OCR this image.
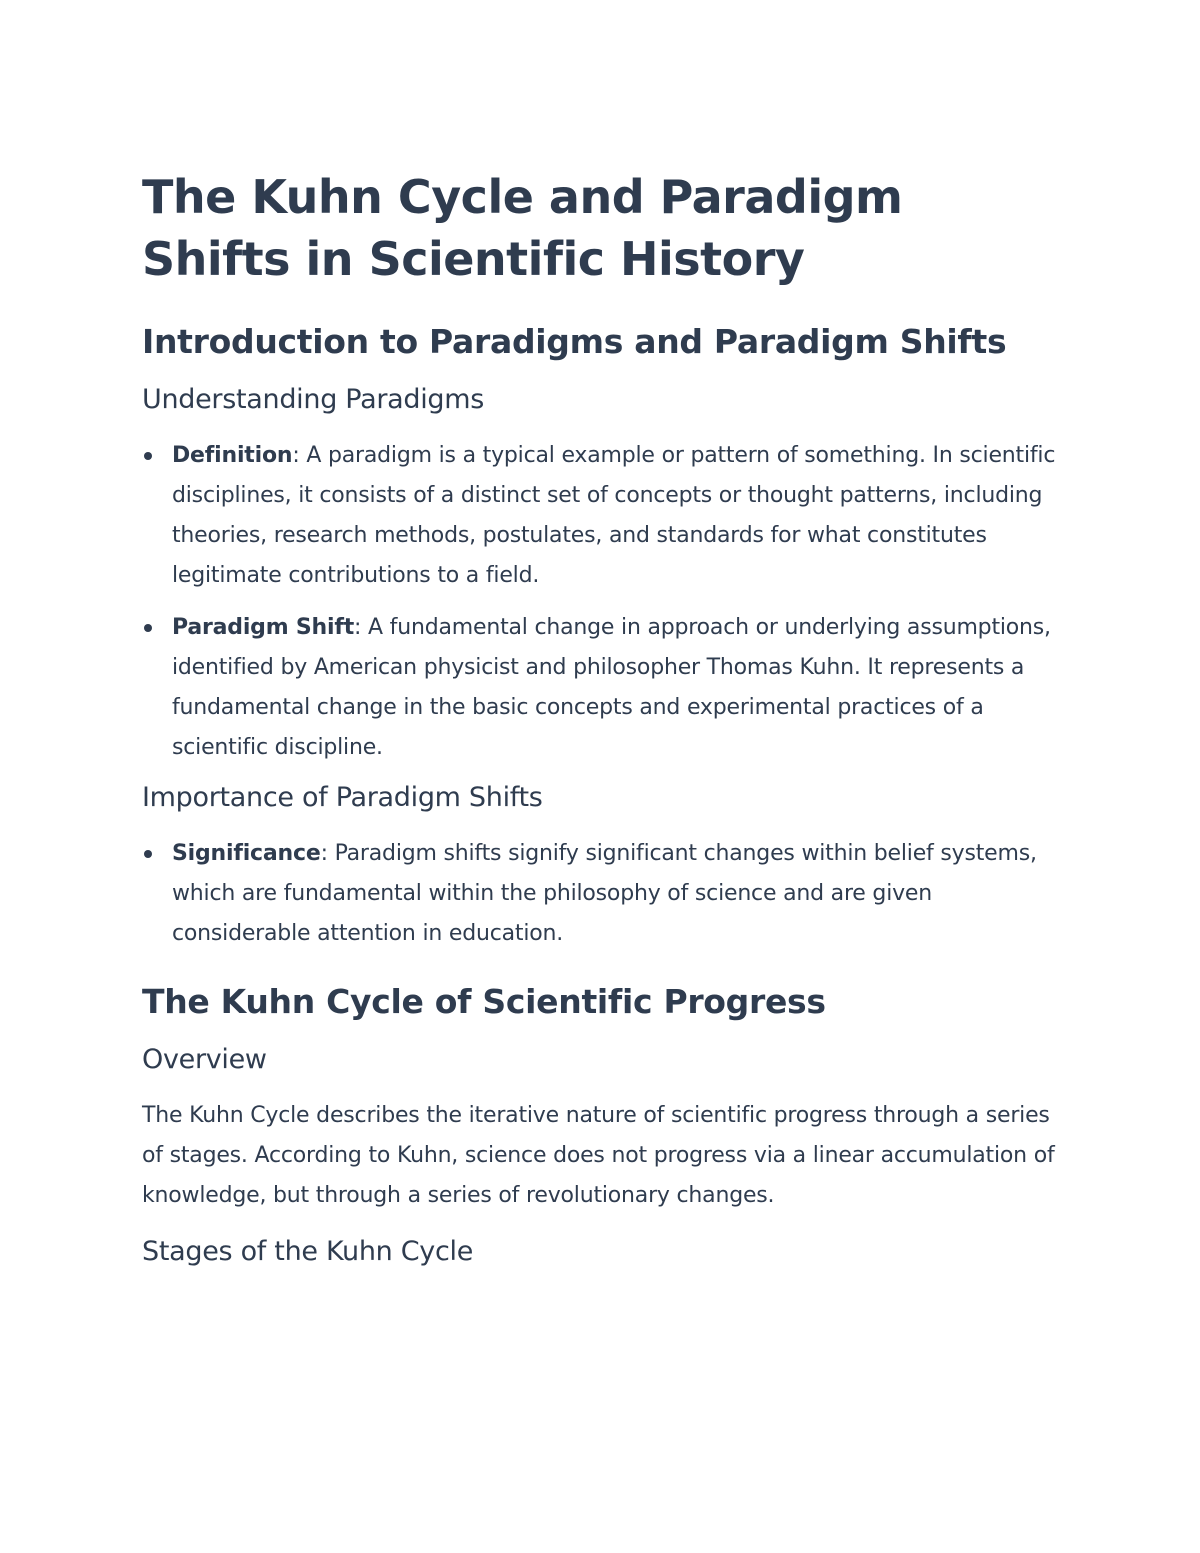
The Kuhn Cycle and Paradigm Shifts in Scientific History
Introduction to Paradigms and Paradigm Shifts
Understanding Paradigms
Definition: A paradigm is a typical example or pattern of something. In scientific disciplines, it consists of a distinct set of concepts or thought patterns, including theories, research methods, postulates, and standards for what constitutes legitimate contributions to a field.
Paradigm Shift: A fundamental change in approach or underlying assumptions, identified by American physicist and philosopher Thomas Kuhn. It represents a fundamental change in the basic concepts and experimental practices of a scientific discipline.
Importance of Paradigm Shifts
Significance: Paradigm shifts signify significant changes within belief systems, which are fundamental within the philosophy of science and are given considerable attention in education.
The Kuhn Cycle of Scientific Progress
Overview

The Kuhn Cycle describes the iterative nature of scientific progress through a series of stages. According to Kuhn, science does not progress via a linear accumulation of knowledge, but through a series of revolutionary changes.

Stages of the Kuhn Cycle
